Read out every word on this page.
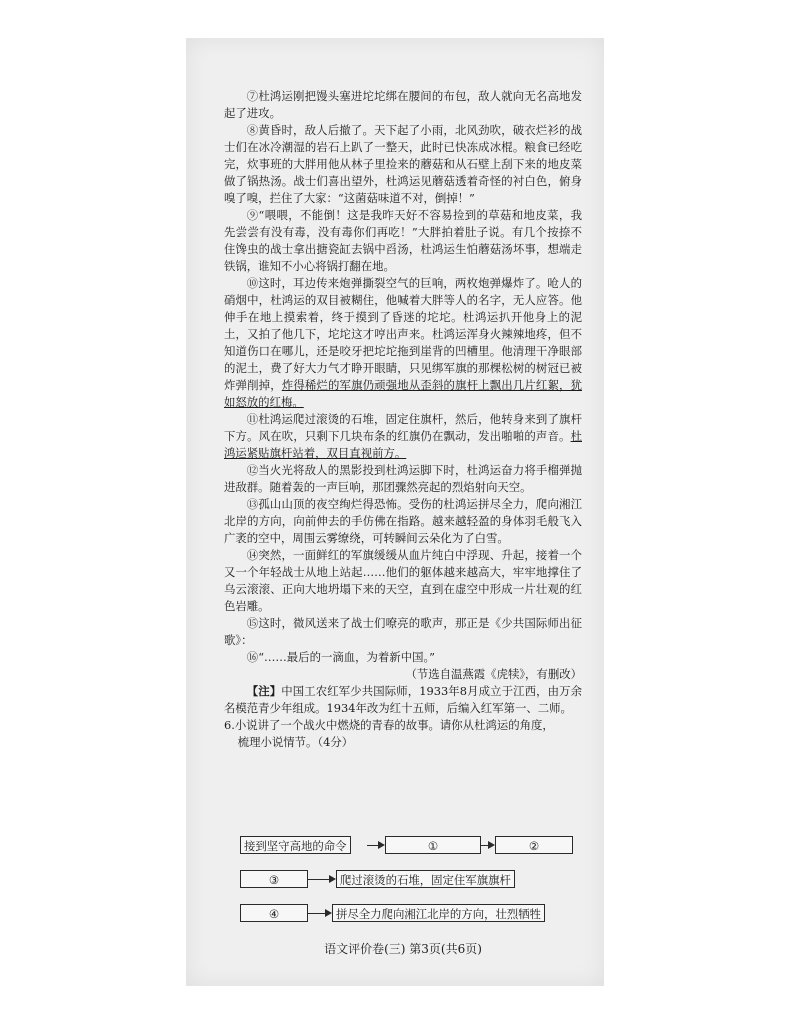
⑦杜鸿运刚把馒头塞进坨坨绑在腰间的布包，敌人就向无名高地发起了进攻。

⑧黄昏时，敌人后撤了。天下起了小雨，北风劲吹，破衣烂衫的战士们在冰冷潮湿的岩石上趴了一整天，此时已快冻成冰棍。粮食已经吃完，炊事班的大胖用他从林子里捡来的蘑菇和从石壁上刮下来的地皮菜做了锅热汤。战士们喜出望外，杜鸿运见蘑菇透着奇怪的衬白色，俯身嗅了嗅，拦住了大家：“这菌菇味道不对，倒掉！”

⑨“喂喂，不能倒！这是我昨天好不容易捡到的草菇和地皮菜，我先尝尝有没有毒，没有毒你们再吃！”大胖拍着肚子说。有几个按捺不住馋虫的战士拿出搪瓷缸去锅中舀汤，杜鸿运生怕蘑菇汤坏事，想端走铁锅，谁知不小心将锅打翻在地。

⑩这时，耳边传来炮弹撕裂空气的巨响，两枚炮弹爆炸了。呛人的硝烟中，杜鸿运的双目被糊住，他喊着大胖等人的名字，无人应答。他伸手在地上摸索着，终于摸到了昏迷的坨坨。杜鸿运扒开他身上的泥土，又拍了他几下，坨坨这才哼出声来。杜鸿运浑身火辣辣地疼，但不知道伤口在哪儿，还是咬牙把坨坨拖到崖背的凹槽里。他清理干净眼部的泥土，费了好大力气才睁开眼睛，只见绑军旗的那棵松树的树冠已被炸弹削掉，炸得稀烂的军旗仍顽强地从歪斜的旗杆上飘出几片红絮，犹如怒放的红梅。

⑪杜鸿运爬过滚烫的石堆，固定住旗杆，然后，他转身来到了旗杆下方。风在吹，只剩下几块布条的红旗仍在飘动，发出啪啪的声音。杜鸿运紧贴旗杆站着，双目直视前方。

⑫当火光将敌人的黑影投到杜鸿运脚下时，杜鸿运奋力将手榴弹抛进敌群。随着轰的一声巨响，那团骤然亮起的烈焰射向天空。

⑬孤山山顶的夜空绚烂得恐怖。受伤的杜鸿运拼尽全力，爬向湘江北岸的方向，向前伸去的手仿佛在指路。越来越轻盈的身体羽毛般飞入广袤的空中，周围云雾缭绕，可转瞬间云朵化为了白雪。

⑭突然，一面鲜红的军旗缓缓从血片纯白中浮现、升起，接着一个又一个年轻战士从地上站起……他们的躯体越来越高大，牢牢地撑住了乌云滚滚、正向大地坍塌下来的天空，直到在虚空中形成一片壮观的红色岩雕。

⑮这时，微风送来了战士们嘹亮的歌声，那正是《少共国际师出征歌》：

⑯“……最后的一滴血，为着新中国。”

（节选自温燕霞《虎犊》，有删改）

【注】中国工农红军少共国际师，1933年8月成立于江西，由万余名模范青少年组成。1934年改为红十五师，后编入红军第一、二师。

6.小说讲了一个战火中燃烧的青春的故事。请你从杜鸿运的角度，

梳理小说情节。（4分）

接到坚守高地的命令	①	②
③	爬过滚烫的石堆，固定住军旗旗杆
④	拼尽全力爬向湘江北岸的方向，壮烈牺牲
语文评价卷(三) 第3页(共6页)
